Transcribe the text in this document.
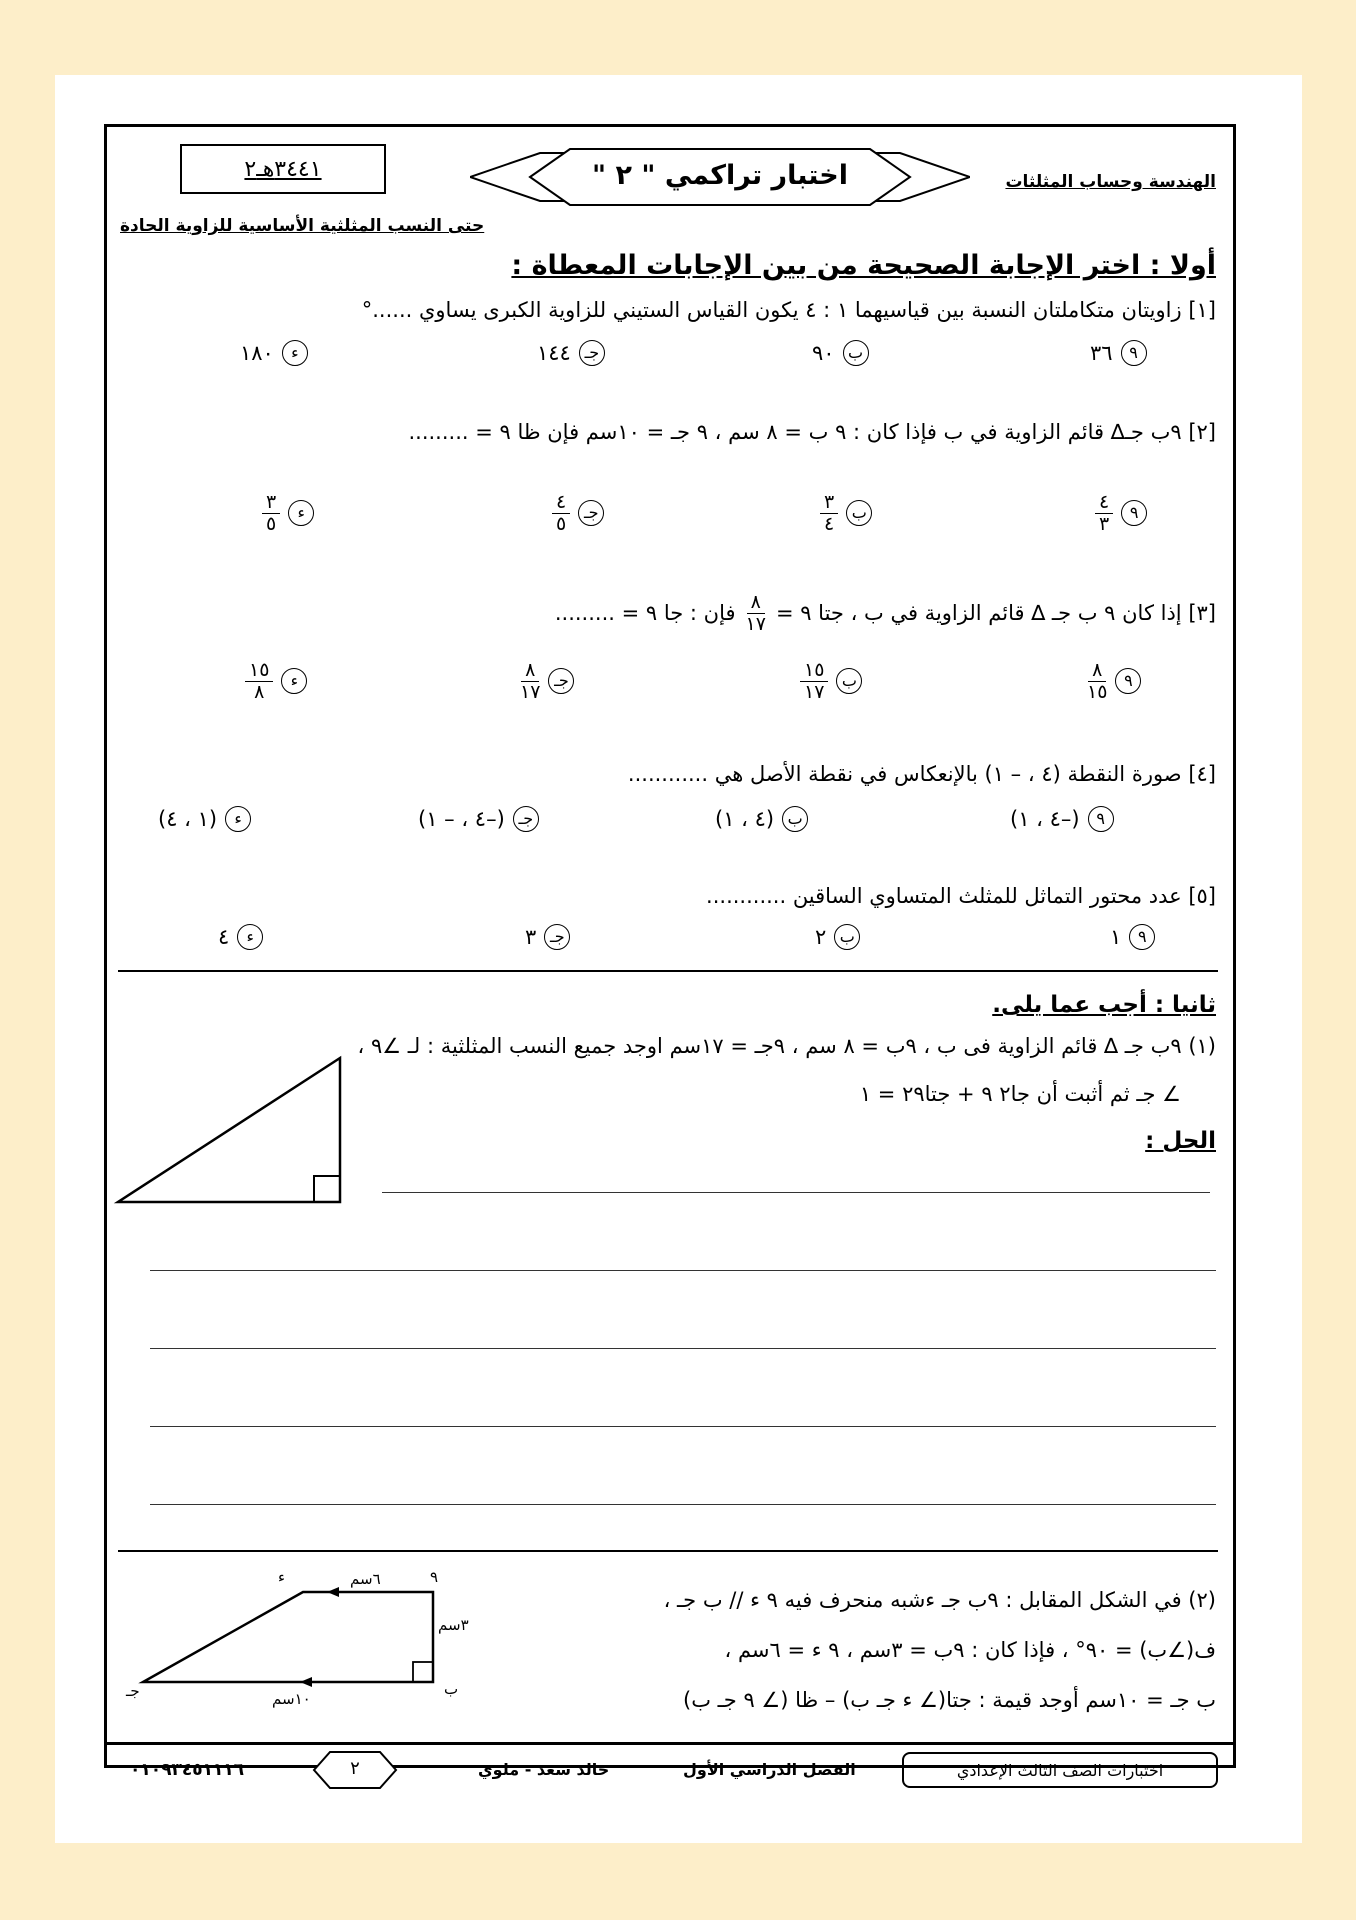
٣٤٤١هـ٢	اختبار تراكمي " ٢ "	الهندسة وحساب المثلثات
حتى النسب المثلثية الأساسية للزاوية الحادة
أولا : اختر الإجابة الصحيحة من بين الإجابات المعطاة :
[١] زاويتان متكاملتان النسبة بين قياسيهما ١ : ٤ يكون القياس الستيني للزاوية الكبرى يساوي ......°
٩
٣٦
ب
٩٠
جـ
١٤٤
ء
١٨٠
[٢] ٩ب جـ∆ قائم الزاوية في ب فإذا كان : ٩ ب = ٨ سم ، ٩ جـ = ١٠سم فإن ظا ٩ = .........
٩
$\frac{٤}{٣}$
ب
$\frac{٣}{٤}$
جـ
$\frac{٤}{٥}$
ء
$\frac{٣}{٥}$
[٣] إذا كان ٩ ب جـ ∆ قائم الزاوية في ب ، جتا ٩ =
$\frac{٨}{١٧}$
فإن : جا ٩ = .........
٩
$\frac{٨}{١٥}$
ب
$\frac{١٥}{١٧}$
جـ
$\frac{٨}{١٧}$
ء
$\frac{١٥}{٨}$
[٤] صورة النقطة (٤ ، – ١) بالإنعكاس في نقطة الأصل هي ............
٩
(–٤ ، ١)
ب
(٤ ، ١)
جـ
(–٤ ، – ١)
ء
(١ ، ٤)
[٥] عدد محتور التماثل للمثلث المتساوي الساقين ............
٩
١
ب
٢
جـ
٣
ء
٤
ثانيا : أجب عما يلى.
(١) ٩ب جـ ∆ قائم الزاوية فى ب ، ٩ب = ٨ سم ، ٩جـ = ١٧سم اوجد جميع النسب المثلثية : لـ ∠٩ ،
∠ جـ ثم أثبت أن جا٢ ٩ + جتا٢٩ = ١
الحل :
(٢) في الشكل المقابل : ٩ب جـ ءشبه منحرف فيه ٩ ء // ب جـ ،
ف(∠ب) = ٩٠° ، فإذا كان : ٩ب = ٣سم ، ٩ ء = ٦سم ،
ب جـ = ١٠سم أوجد قيمة : جتا(∠ ء جـ ب) – ظا (∠ ٩ جـ ب)
٩
ء
ب
جـ
٦سم
٣سم
١٠سم
اختبارات الصف الثالث الإعدادي
الفصل الدراسي الأول
خالد سعد - ملوي
٢
٠١٠٩٣٤٥١١١٦
